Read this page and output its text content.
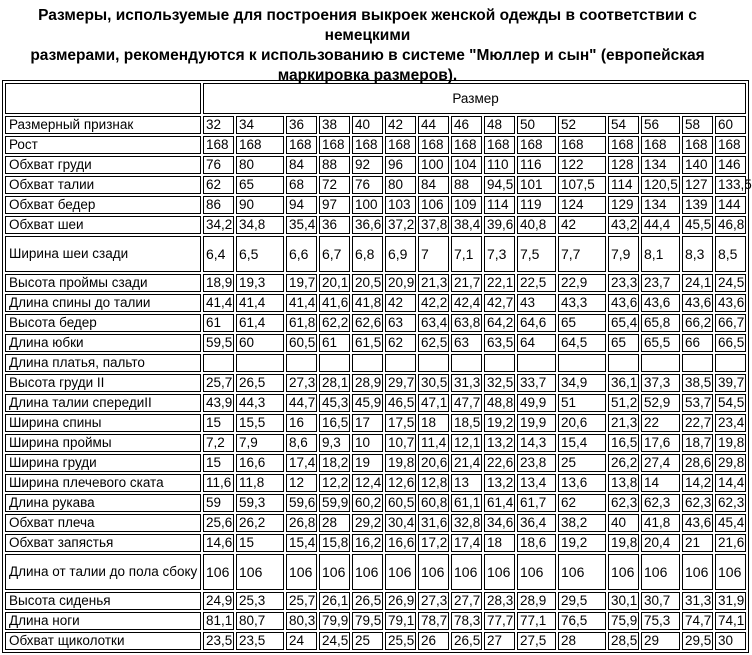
Размеры, используемые для построения выкроек женской одежды в соответствии с немецкими
размерами, рекомендуются к использованию в системе "Мюллер и сын" (европейская
маркировка размеров).
	Размер														
Размерный признак	32	34	36	38	40	42	44	46	48	50	52	54	56	58	60
Рост	168	168	168	168	168	168	168	168	168	168	168	168	168	168	168
Обхват груди	76	80	84	88	92	96	100	104	110	116	122	128	134	140	146
Обхват талии	62	65	68	72	76	80	84	88	94,5	101	107,5	114	120,5	127	133,5
Обхват бедер	86	90	94	97	100	103	106	109	114	119	124	129	134	139	144
Обхват шеи	34,2	34,8	35,4	36	36,6	37,2	37,8	38,4	39,6	40,8	42	43,2	44,4	45,5	46,8
Ширина шеи сзади	6,4	6,5	6,6	6,7	6,8	6,9	7	7,1	7,3	7,5	7,7	7,9	8,1	8,3	8,5
Высота проймы сзади	18,9	19,3	19,7	20,1	20,5	20,9	21,3	21,7	22,1	22,5	22,9	23,3	23,7	24,1	24,5
Длина спины до талии	41,4	41,4	41,4	41,6	41,8	42	42,2	42,4	42,7	43	43,3	43,6	43,6	43,6	43,6
Высота бедер	61	61,4	61,8	62,2	62,6	63	63,4	63,8	64,2	64,6	65	65,4	65,8	66,2	66,7
Длина юбки	59,5	60	60,5	61	61,5	62	62,5	63	63,5	64	64,5	65	65,5	66	66,5
Длина платья, пальто															
Высота груди II	25,7	26,5	27,3	28,1	28,9	29,7	30,5	31,3	32,5	33,7	34,9	36,1	37,3	38,5	39,7
Длина талии спередиII	43,9	44,3	44,7	45,3	45,9	46,5	47,1	47,7	48,8	49,9	51	51,2	52,9	53,7	54,5
Ширина спины	15	15,5	16	16,5	17	17,5	18	18,5	19,2	19,9	20,6	21,3	22	22,7	23,4
Ширина проймы	7,2	7,9	8,6	9,3	10	10,7	11,4	12,1	13,2	14,3	15,4	16,5	17,6	18,7	19,8
Ширина груди	15	16,6	17,4	18,2	19	19,8	20,6	21,4	22,6	23,8	25	26,2	27,4	28,6	29,8
Ширина плечевого ската	11,6	11,8	12	12,2	12,4	12,6	12,8	13	13,2	13,4	13,6	13,8	14	14,2	14,4
Длина рукава	59	59,3	59,6	59,9	60,2	60,5	60,8	61,1	61,4	61,7	62	62,3	62,3	62,3	62,3
Обхват плеча	25,6	26,2	26,8	28	29,2	30,4	31,6	32,8	34,6	36,4	38,2	40	41,8	43,6	45,4
Обхват запястья	14,6	15	15,4	15,8	16,2	16,6	17,2	17,4	18	18,6	19,2	19,8	20,4	21	21,6
Длина от талии до пола сбоку	106	106	106	106	106	106	106	106	106	106	106	106	106	106	106
Высота сиденья	24,9	25,3	25,7	26,1	26,5	26,9	27,3	27,7	28,3	28,9	29,5	30,1	30,7	31,3	31,9
Длина ноги	81,1	80,7	80,3	79,9	79,5	79,1	78,7	78,3	77,7	77,1	76,5	75,9	75,3	74,7	74,1
Обхват щиколотки	23,5	23,5	24	24,5	25	25,5	26	26,5	27	27,5	28	28,5	29	29,5	30
